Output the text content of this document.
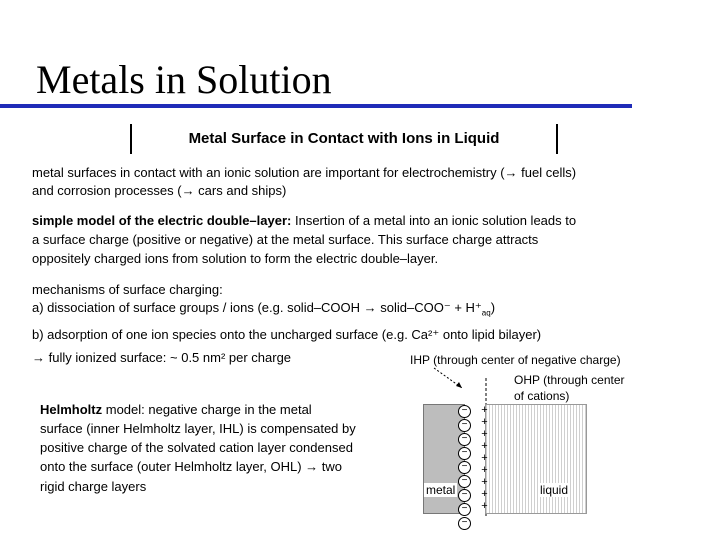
Metals in Solution
Metal Surface in Contact with Ions in Liquid
metal surfaces in contact with an ionic solution are important for electrochemistry (→ fuel cells)
and corrosion processes (→ cars and ships)
simple model of the electric double–layer: Insertion of a metal into an ionic solution leads to
a surface charge (positive or negative) at the metal surface. This surface charge attracts
oppositely charged ions from solution to form the electric double–layer.
mechanisms of surface charging:
a) dissociation of surface groups / ions (e.g. solid–COOH → solid–COO⁻ + $H^+_{aq}$)
b) adsorption of one ion species onto the uncharged surface (e.g. Ca²⁺ onto lipid bilayer)
→ fully ionized surface: ~ 0.5 nm² per charge
Helmholtz model: negative charge in the metal
surface (inner Helmholtz layer, IHL) is compensated by
positive charge of the solvated cation layer condensed
onto the surface (outer Helmholtz layer, OHL) → two
rigid charge layers
IHP (through center of negative charge)
OHP (through center
of cations)
−
−
−
−
−
−
−
−
−
+
+
+
+
+
+
+
+
+
metal	liquid
